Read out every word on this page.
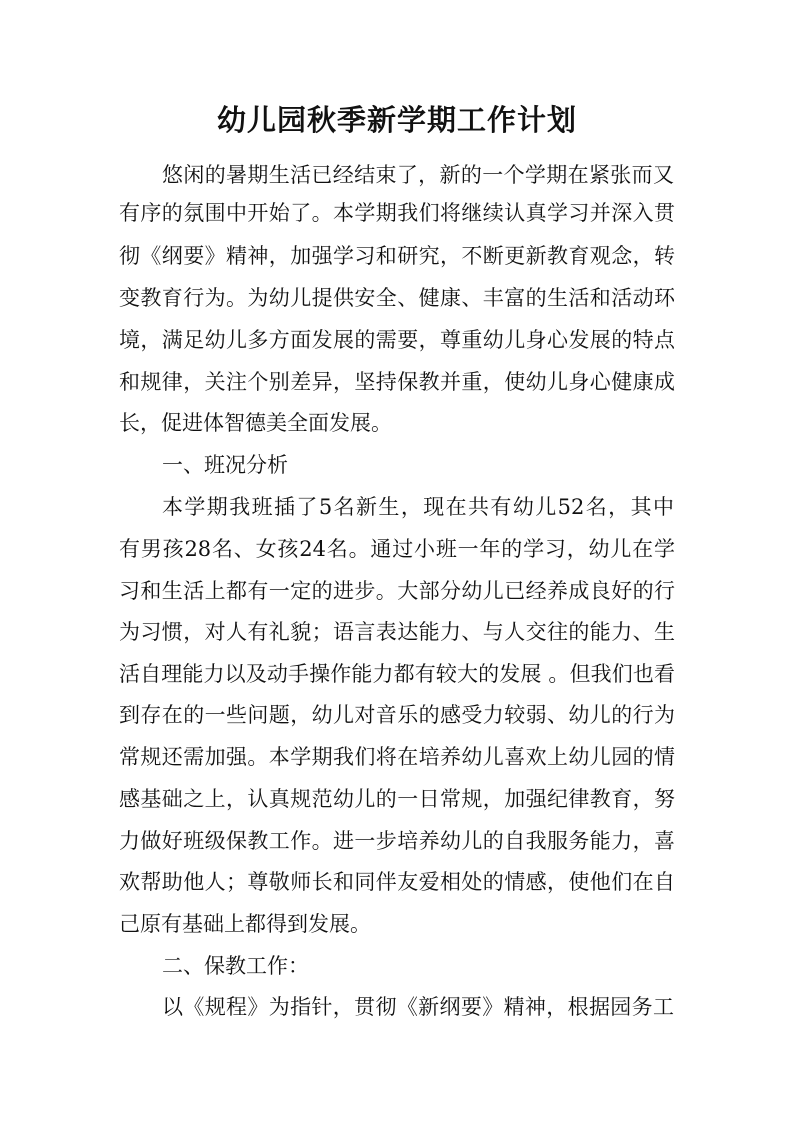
幼儿园秋季新学期工作计划

悠闲的暑期生活已经结束了，新的一个学期在紧张而又

有序的氛围中开始了。本学期我们将继续认真学习并深入贯

彻《纲要》精神，加强学习和研究，不断更新教育观念，转

变教育行为。为幼儿提供安全、健康、丰富的生活和活动环

境，满足幼儿多方面发展的需要，尊重幼儿身心发展的特点

和规律，关注个别差异，坚持保教并重，使幼儿身心健康成

长，促进体智德美全面发展。

一、班况分析

本学期我班插了5名新生，现在共有幼儿52名，其中

有男孩28名、女孩24名。通过小班一年的学习，幼儿在学

习和生活上都有一定的进步。大部分幼儿已经养成良好的行

为习惯，对人有礼貌；语言表达能力、与人交往的能力、生

活自理能力以及动手操作能力都有较大的发展 。但我们也看

到存在的一些问题，幼儿对音乐的感受力较弱、幼儿的行为

常规还需加强。本学期我们将在培养幼儿喜欢上幼儿园的情

感基础之上，认真规范幼儿的一日常规，加强纪律教育，努

力做好班级保教工作。进一步培养幼儿的自我服务能力，喜

欢帮助他人；尊敬师长和同伴友爱相处的情感，使他们在自

己原有基础上都得到发展。

二、保教工作：

以《规程》为指针，贯彻《新纲要》精神，根据园务工
